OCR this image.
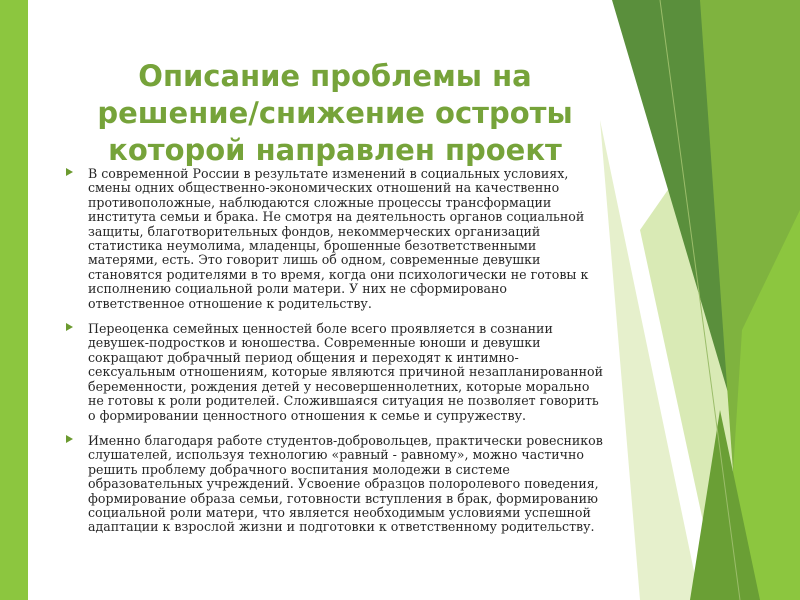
Описание проблемы на
решение/снижение остроты
которой направлен проект
В современной России в результате изменений в социальных условиях,
смены одних общественно-экономических отношений на качественно
противоположные, наблюдаются сложные процессы трансформации
института семьи и брака. Не смотря на деятельность органов социальной
защиты, благотворительных фондов, некоммерческих организаций
статистика неумолима, младенцы, брошенные безответственными
матерями, есть. Это говорит лишь об одном, современные девушки
становятся родителями в то время, когда они психологически не готовы к
исполнению социальной роли матери. У них не сформировано
ответственное отношение к родительству.
Переоценка семейных ценностей боле всего проявляется в сознании
девушек-подростков и юношества. Современные юноши и девушки
сокращают добрачный период общения и переходят к интимно-
сексуальным отношениям, которые являются причиной незапланированной
беременности, рождения детей у несовершеннолетних, которые морально
не готовы к роли родителей. Сложившаяся ситуация не позволяет говорить
о формировании ценностного отношения к семье и супружеству.
Именно благодаря работе студентов-добровольцев, практически ровесников
слушателей, используя технологию «равный - равному», можно частично
решить проблему добрачного воспитания молодежи в системе
образовательных учреждений. Усвоение образцов полоролевого поведения,
формирование образа семьи, готовности вступления в брак, формированию
социальной роли матери, что является необходимым условиями успешной
адаптации к взрослой жизни и подготовки к ответственному родительству.
